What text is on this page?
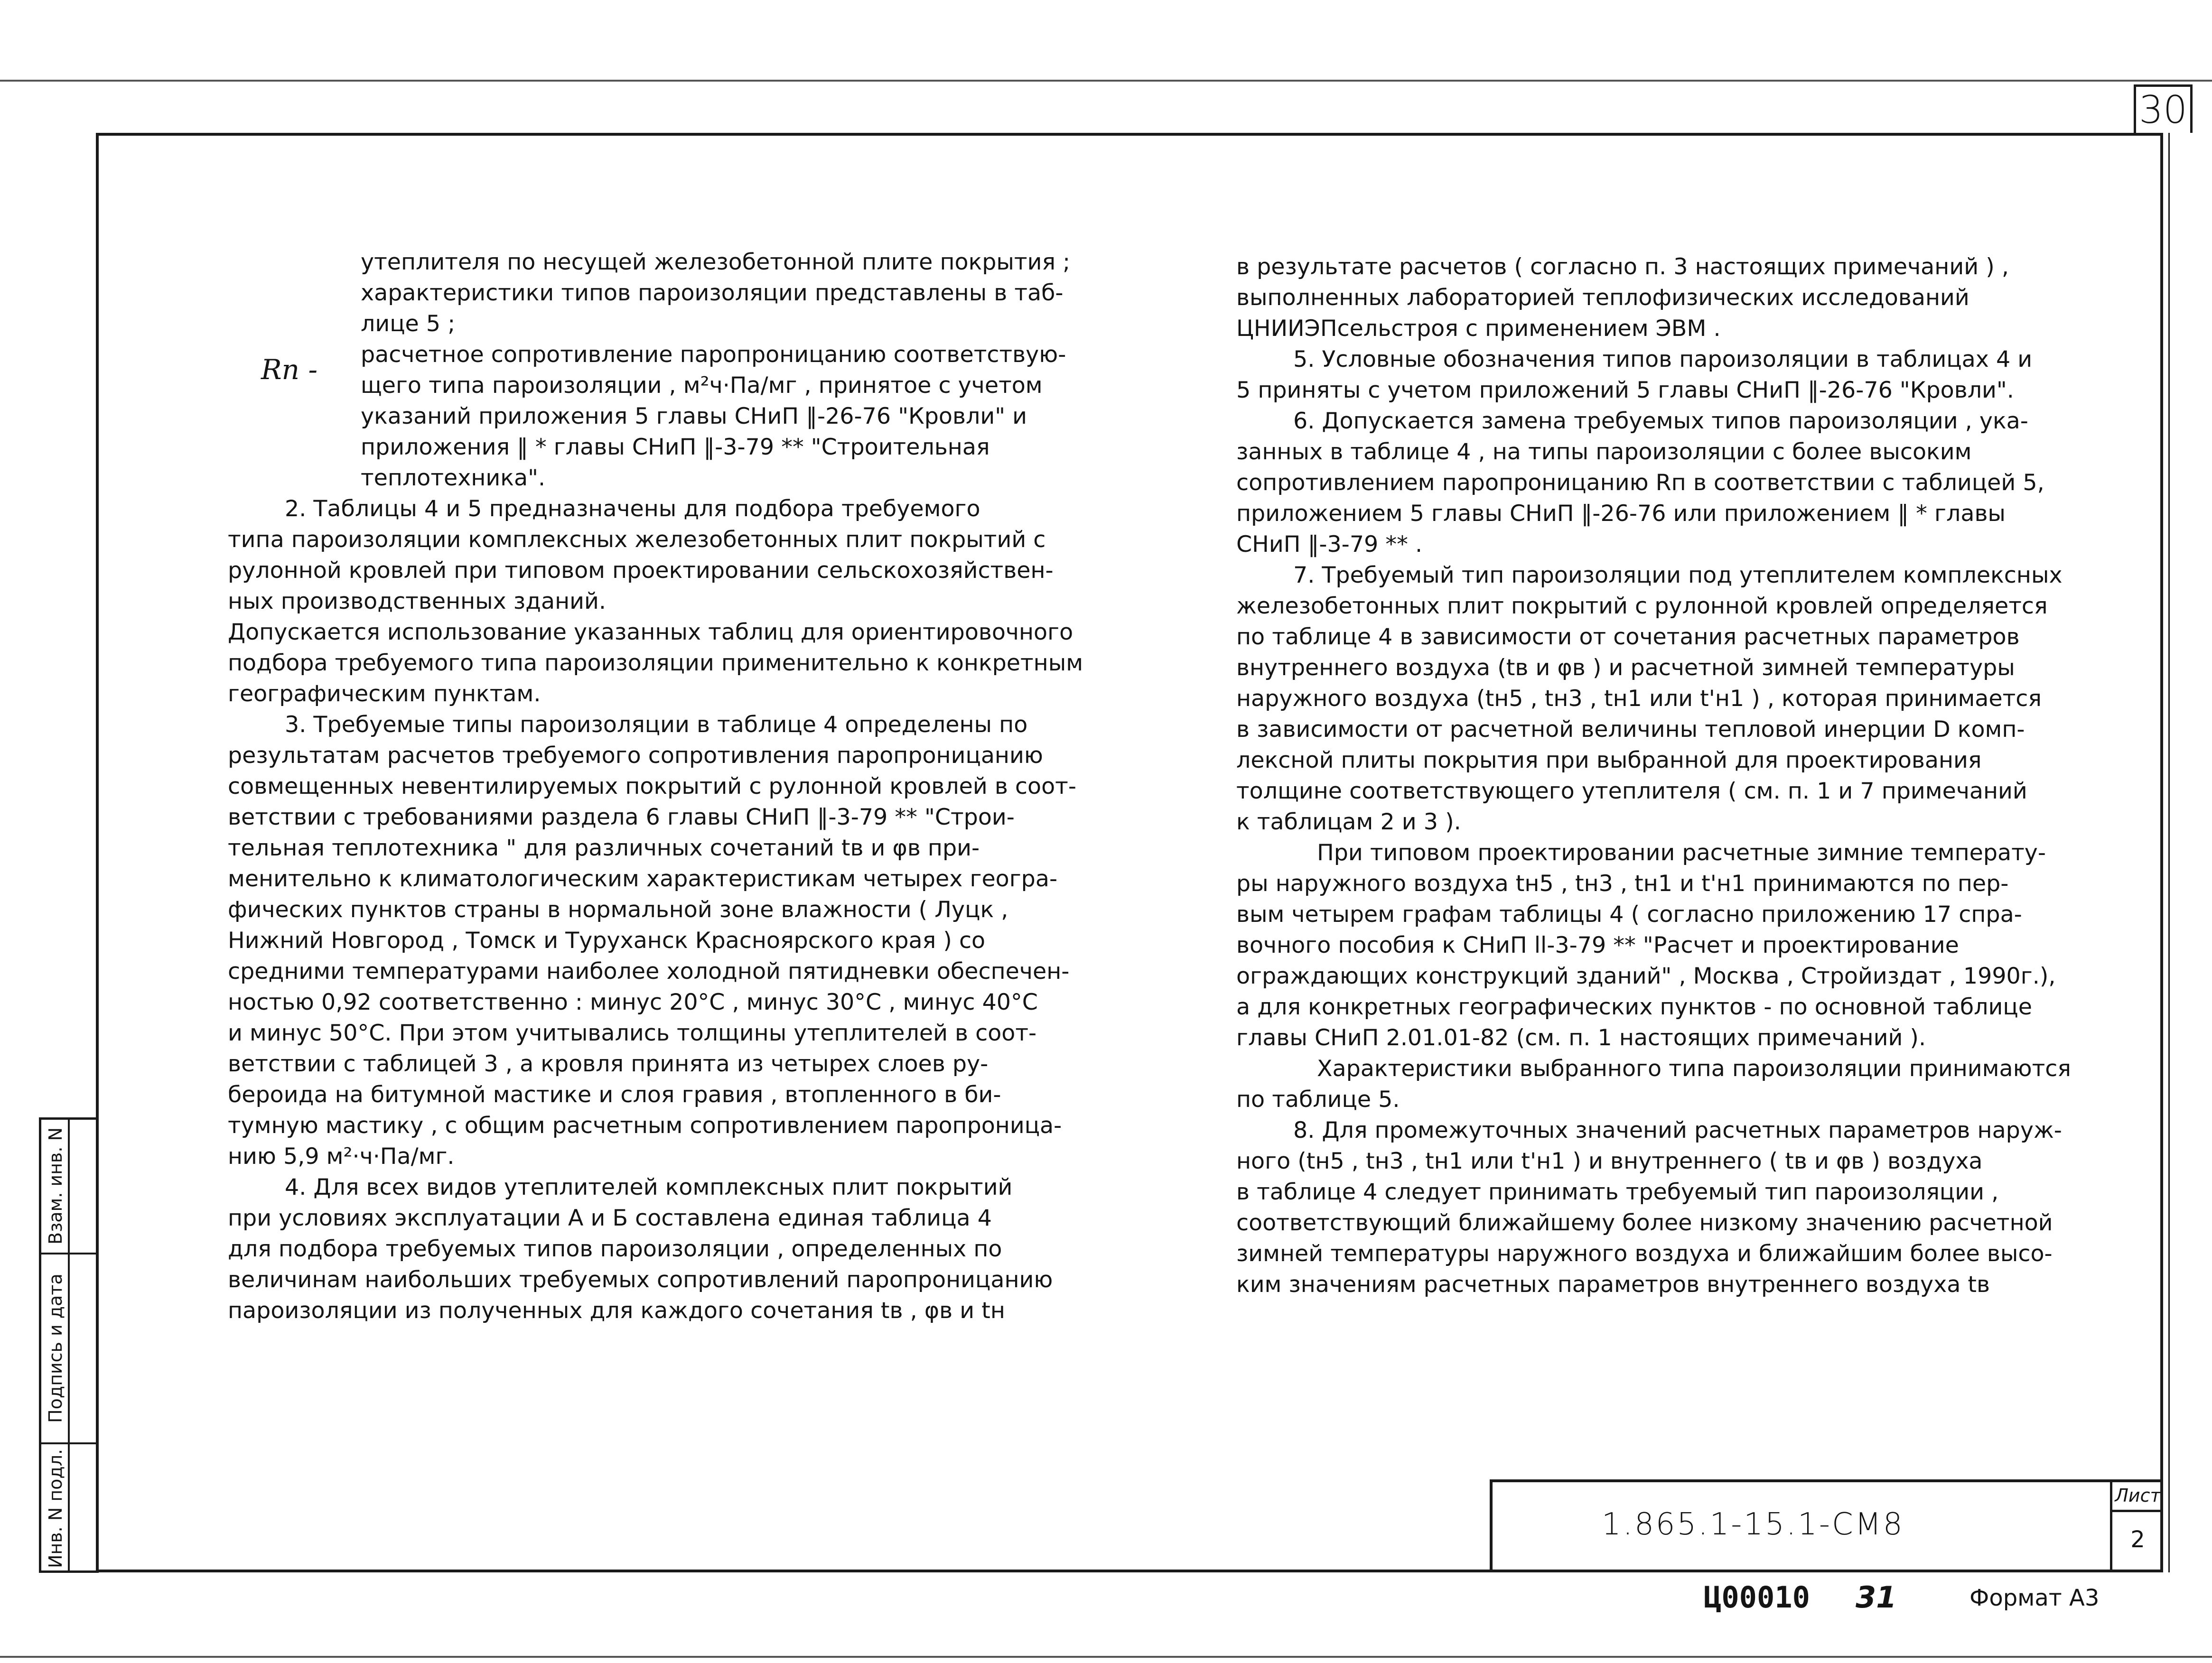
30
утеплителя по несущей железобетонной плите покрытия ;
характеристики типов пароизоляции представлены в таб-
лице 5 ;
расчетное сопротивление паропроницанию соответствую-
щего типа пароизоляции , м²ч·Па/мг , принятое с учетом
указаний приложения 5 главы СНиП ‖-26-76 "Кровли" и
приложения ‖ * главы СНиП ‖-3-79 ** "Строительная
теплотехника".
2. Таблицы 4 и 5 предназначены для подбора требуемого
типа пароизоляции комплексных железобетонных плит покрытий с
рулонной кровлей при типовом проектировании сельскохозяйствен-
ных производственных зданий.
Допускается использование указанных таблиц для ориентировочного
подбора требуемого типа пароизоляции применительно к конкретным
географическим пунктам.
3. Требуемые типы пароизоляции в таблице 4 определены по
результатам расчетов требуемого сопротивления паропроницанию
совмещенных невентилируемых покрытий с рулонной кровлей в соот-
ветствии с требованиями раздела 6 главы СНиП ‖-3-79 ** "Строи-
тельная теплотехника " для различных сочетаний tв и φв при-
менительно к климатологическим характеристикам четырех геогра-
фических пунктов страны в нормальной зоне влажности ( Луцк ,
Нижний Новгород , Томск и Туруханск Красноярского края ) со
средними температурами наиболее холодной пятидневки обеспечен-
ностью 0,92 соответственно : минус 20°С , минус 30°С , минус 40°С
и минус 50°С. При этом учитывались толщины утеплителей в соот-
ветствии с таблицей 3 , а кровля принята из четырех слоев ру-
бероида на битумной мастике и слоя гравия , втопленного в би-
тумную мастику , с общим расчетным сопротивлением паропроница-
нию 5,9 м²·ч·Па/мг.
4. Для всех видов утеплителей комплексных плит покрытий
при условиях эксплуатации А и Б составлена единая таблица 4
для подбора требуемых типов пароизоляции , определенных по
величинам наибольших требуемых сопротивлений паропроницанию
пароизоляции из полученных для каждого сочетания tв , φв и tн
Rп -
в результате расчетов ( согласно п. 3 настоящих примечаний ) ,
выполненных лабораторией теплофизических исследований
ЦНИИЭПсельстроя с применением ЭВМ .
5. Условные обозначения типов пароизоляции в таблицах 4 и
5 приняты с учетом приложений 5 главы СНиП ‖-26-76 "Кровли".
6. Допускается замена требуемых типов пароизоляции , ука-
занных в таблице 4 , на типы пароизоляции с более высоким
сопротивлением паропроницанию Rп в соответствии с таблицей 5,
приложением 5 главы СНиП ‖-26-76 или приложением ‖ * главы
СНиП ‖-3-79 ** .
7. Требуемый тип пароизоляции под утеплителем комплексных
железобетонных плит покрытий с рулонной кровлей определяется
по таблице 4 в зависимости от сочетания расчетных параметров
внутреннего воздуха (tв и φв ) и расчетной зимней температуры
наружного воздуха (tн5 , tн3 , tн1 или t'н1 ) , которая принимается
в зависимости от расчетной величины тепловой инерции D комп-
лексной плиты покрытия при выбранной для проектирования
толщине соответствующего утеплителя ( см. п. 1 и 7 примечаний
к таблицам 2 и 3 ).
При типовом проектировании расчетные зимние температу-
ры наружного воздуха tн5 , tн3 , tн1 и t'н1 принимаются по пер-
вым четырем графам таблицы 4 ( согласно приложению 17 спра-
вочного пособия к СНиП ll-3-79 ** "Расчет и проектирование
ограждающих конструкций зданий" , Москва , Стройиздат , 1990г.),
а для конкретных географических пунктов - по основной таблице
главы СНиП 2.01.01-82 (см. п. 1 настоящих примечаний ).
Характеристики выбранного типа пароизоляции принимаются
по таблице 5.
8. Для промежуточных значений расчетных параметров наруж-
ного (tн5 , tн3 , tн1 или t'н1 ) и внутреннего ( tв и φв ) воздуха
в таблице 4 следует принимать требуемый тип пароизоляции ,
соответствующий ближайшему более низкому значению расчетной
зимней температуры наружного воздуха и ближайшим более высо-
ким значениям расчетных параметров внутреннего воздуха tв
Инв. N подл.
Подпись и дата
Взам. инв. N
1.865.1-15.1-СМ8
Лист
2
Ц00010 31	Формат А3
